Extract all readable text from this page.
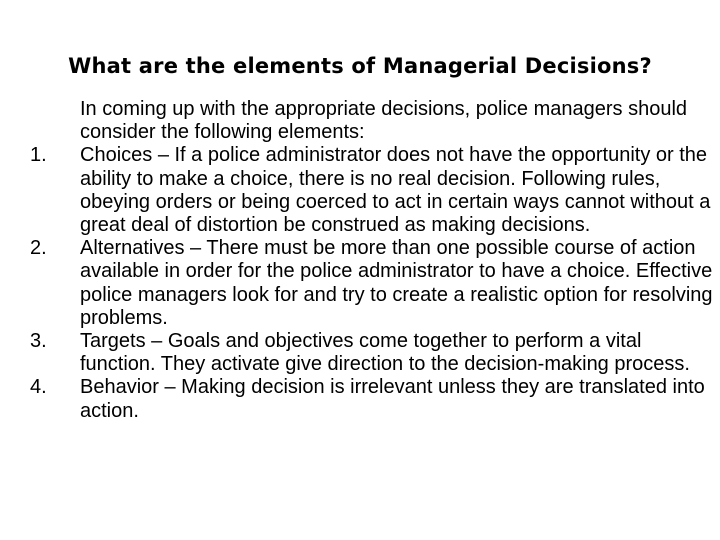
What are the elements of Managerial Decisions?

In coming up with the appropriate decisions, police managers should consider the following elements:

1.	Choices – If a police administrator does not have the opportunity or the ability to make a choice, there is no real decision. Following rules, obeying orders or being coerced to act in certain ways cannot without a great deal of distortion be construed as making decisions.
2.	Alternatives – There must be more than one possible course of action available in order for the police administrator to have a choice. Effective police managers look for and try to create a realistic option for resolving problems.
3.	Targets – Goals and objectives come together to perform a vital function. They activate give direction to the decision-making process.
4.	Behavior – Making decision is irrelevant unless they are translated into action.
